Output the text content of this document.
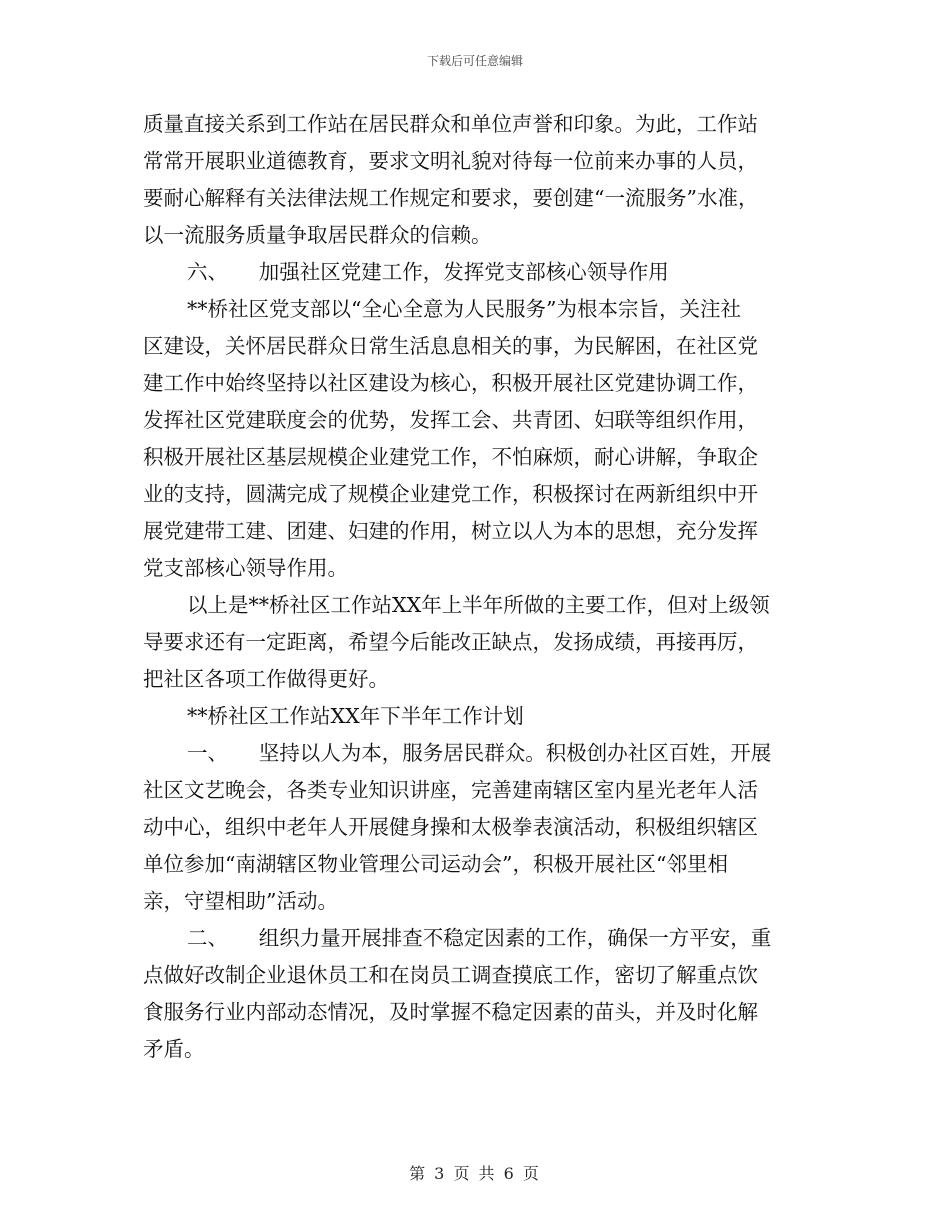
下载后可任意编辑
质量直接关系到工作站在居民群众和单位声誉和印象。为此，工作站
常常开展职业道德教育，要求文明礼貌对待每一位前来办事的人员，
要耐心解释有关法律法规工作规定和要求，要创建“一流服务”水准，
以一流服务质量争取居民群众的信赖。
六、　　加强社区党建工作，发挥党支部核心领导作用
**桥社区党支部以“全心全意为人民服务”为根本宗旨，关注社
区建设，关怀居民群众日常生活息息相关的事，为民解困，在社区党
建工作中始终坚持以社区建设为核心，积极开展社区党建协调工作，
发挥社区党建联度会的优势，发挥工会、共青团、妇联等组织作用，
积极开展社区基层规模企业建党工作，不怕麻烦，耐心讲解，争取企
业的支持，圆满完成了规模企业建党工作，积极探讨在两新组织中开
展党建带工建、团建、妇建的作用，树立以人为本的思想，充分发挥
党支部核心领导作用。
以上是**桥社区工作站XX年上半年所做的主要工作，但对上级领
导要求还有一定距离，希望今后能改正缺点，发扬成绩，再接再厉，
把社区各项工作做得更好。
**桥社区工作站XX年下半年工作计划
一、　　坚持以人为本，服务居民群众。积极创办社区百姓，开展
社区文艺晚会，各类专业知识讲座，完善建南辖区室内星光老年人活
动中心，组织中老年人开展健身操和太极拳表演活动，积极组织辖区
单位参加“南湖辖区物业管理公司运动会”，积极开展社区“邻里相
亲，守望相助”活动。
二、　　组织力量开展排查不稳定因素的工作，确保一方平安，重
点做好改制企业退休员工和在岗员工调查摸底工作，密切了解重点饮
食服务行业内部动态情况，及时掌握不稳定因素的苗头，并及时化解
矛盾。
第 3 页 共 6 页
